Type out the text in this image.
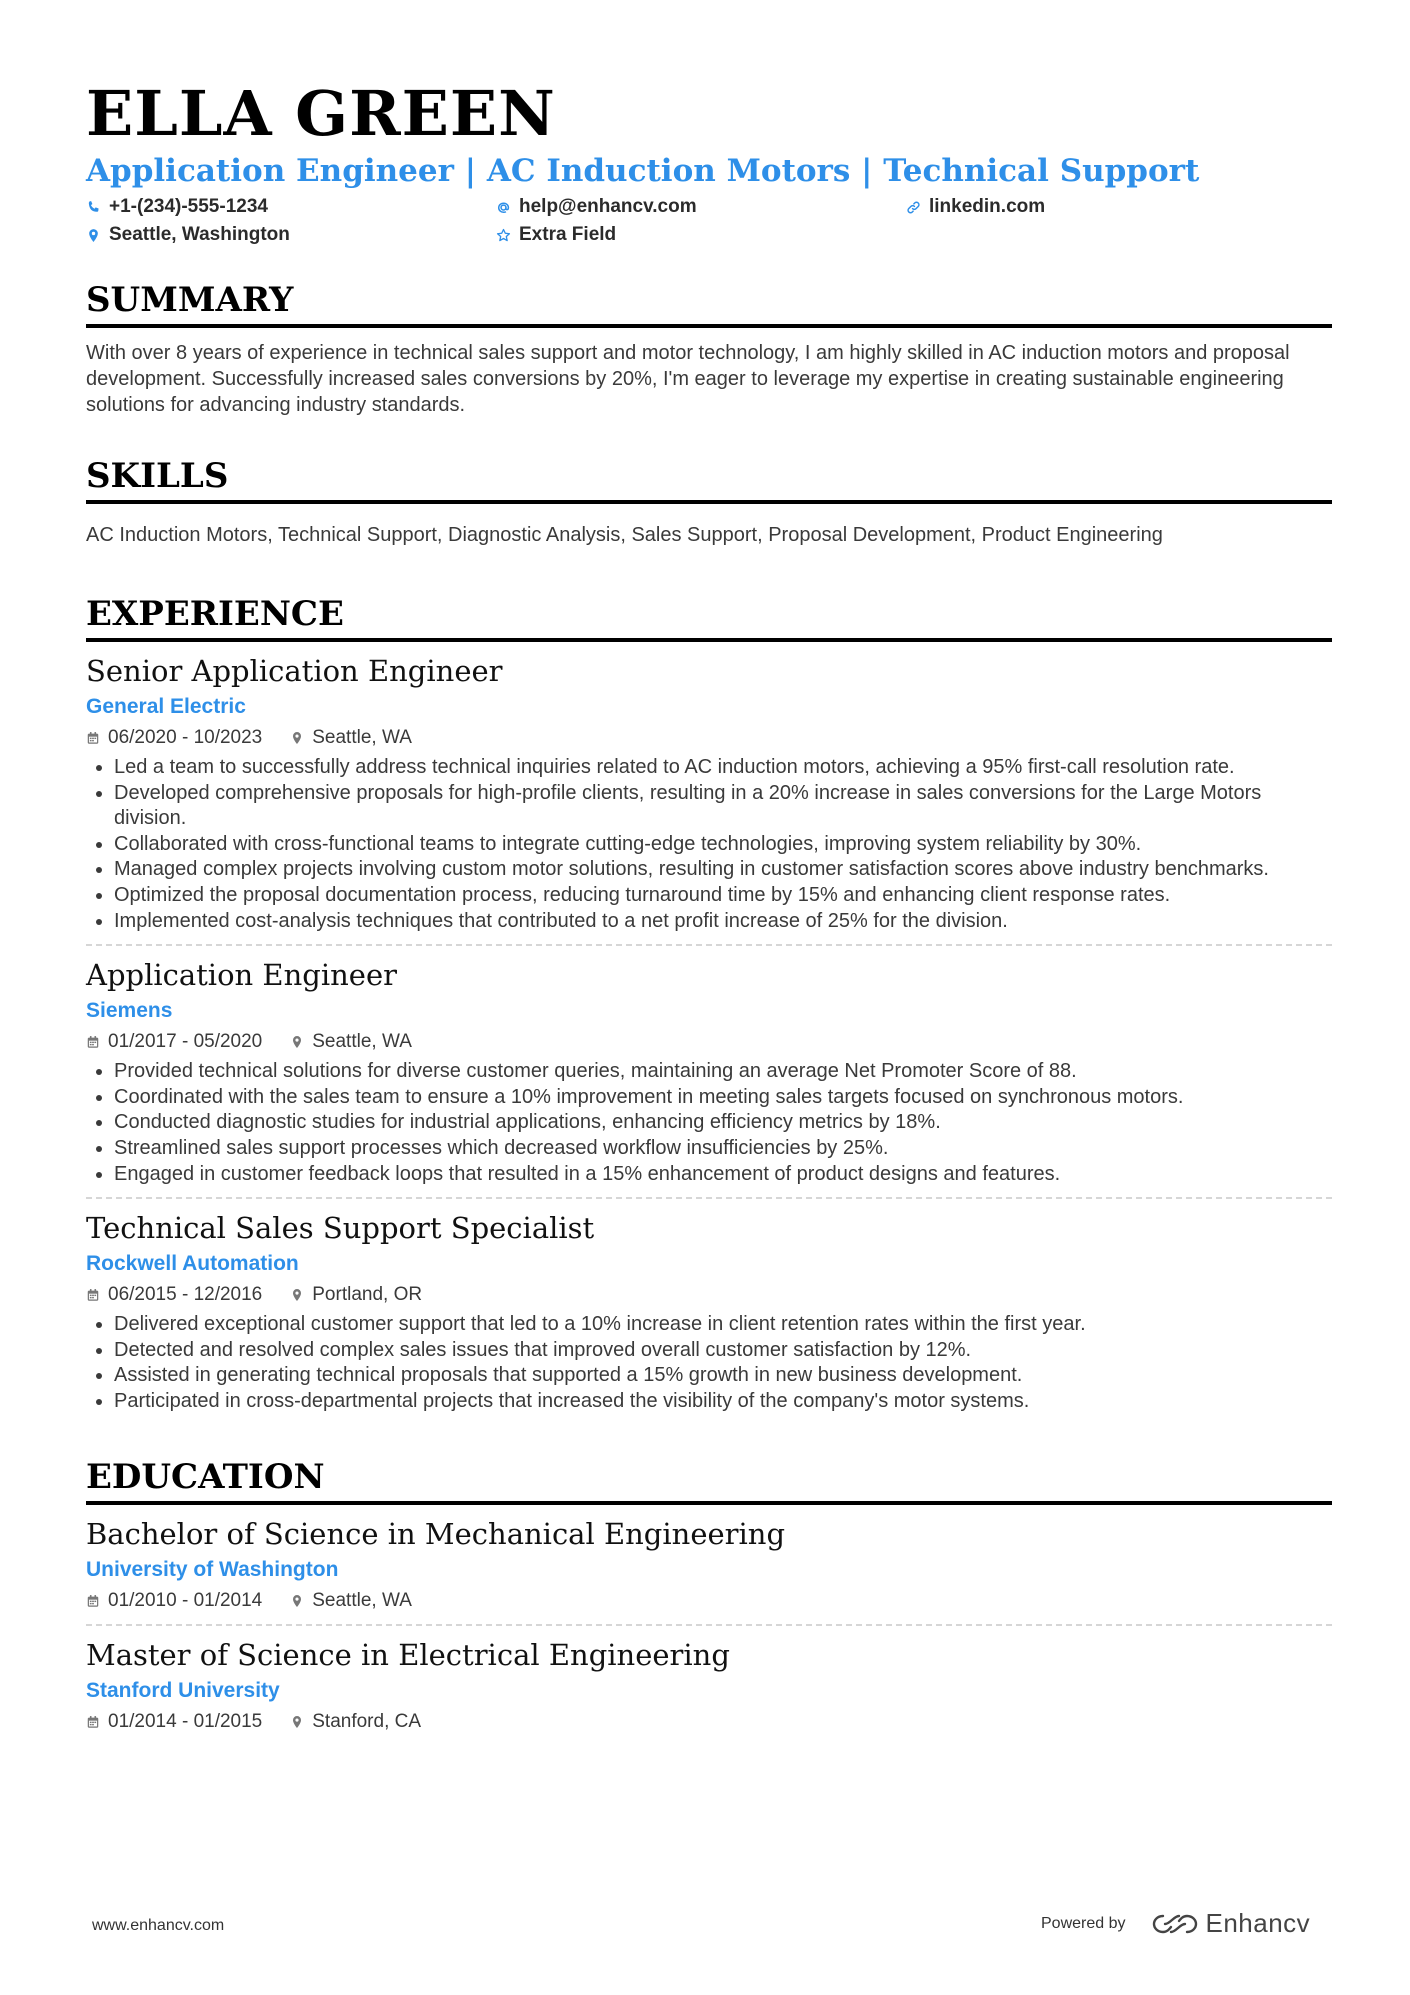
ELLA GREEN
Application Engineer | AC Induction Motors | Technical Support
+1-(234)-555-1234	help@enhancv.com	linkedin.com
Seattle, Washington	Extra Field
SUMMARY
With over 8 years of experience in technical sales support and motor technology, I am highly skilled in AC induction motors and proposal development. Successfully increased sales conversions by 20%, I'm eager to leverage my expertise in creating sustainable engineering solutions for advancing industry standards.
SKILLS
AC Induction Motors, Technical Support, Diagnostic Analysis, Sales Support, Proposal Development, Product Engineering
EXPERIENCE
Senior Application Engineer
General Electric
06/2020 - 10/2023	Seattle, WA
• Led a team to successfully address technical inquiries related to AC induction motors, achieving a 95% first-call resolution rate.
• Developed comprehensive proposals for high-profile clients, resulting in a 20% increase in sales conversions for the Large Motors division.
• Collaborated with cross-functional teams to integrate cutting-edge technologies, improving system reliability by 30%.
• Managed complex projects involving custom motor solutions, resulting in customer satisfaction scores above industry benchmarks.
• Optimized the proposal documentation process, reducing turnaround time by 15% and enhancing client response rates.
• Implemented cost-analysis techniques that contributed to a net profit increase of 25% for the division.
Application Engineer
Siemens
01/2017 - 05/2020	Seattle, WA
• Provided technical solutions for diverse customer queries, maintaining an average Net Promoter Score of 88.
• Coordinated with the sales team to ensure a 10% improvement in meeting sales targets focused on synchronous motors.
• Conducted diagnostic studies for industrial applications, enhancing efficiency metrics by 18%.
• Streamlined sales support processes which decreased workflow insufficiencies by 25%.
• Engaged in customer feedback loops that resulted in a 15% enhancement of product designs and features.
Technical Sales Support Specialist
Rockwell Automation
06/2015 - 12/2016	Portland, OR
• Delivered exceptional customer support that led to a 10% increase in client retention rates within the first year.
• Detected and resolved complex sales issues that improved overall customer satisfaction by 12%.
• Assisted in generating technical proposals that supported a 15% growth in new business development.
• Participated in cross-departmental projects that increased the visibility of the company's motor systems.
EDUCATION
Bachelor of Science in Mechanical Engineering
University of Washington
01/2010 - 01/2014	Seattle, WA
Master of Science in Electrical Engineering
Stanford University
01/2014 - 01/2015	Stanford, CA
www.enhancv.com	Powered by	Enhancv
